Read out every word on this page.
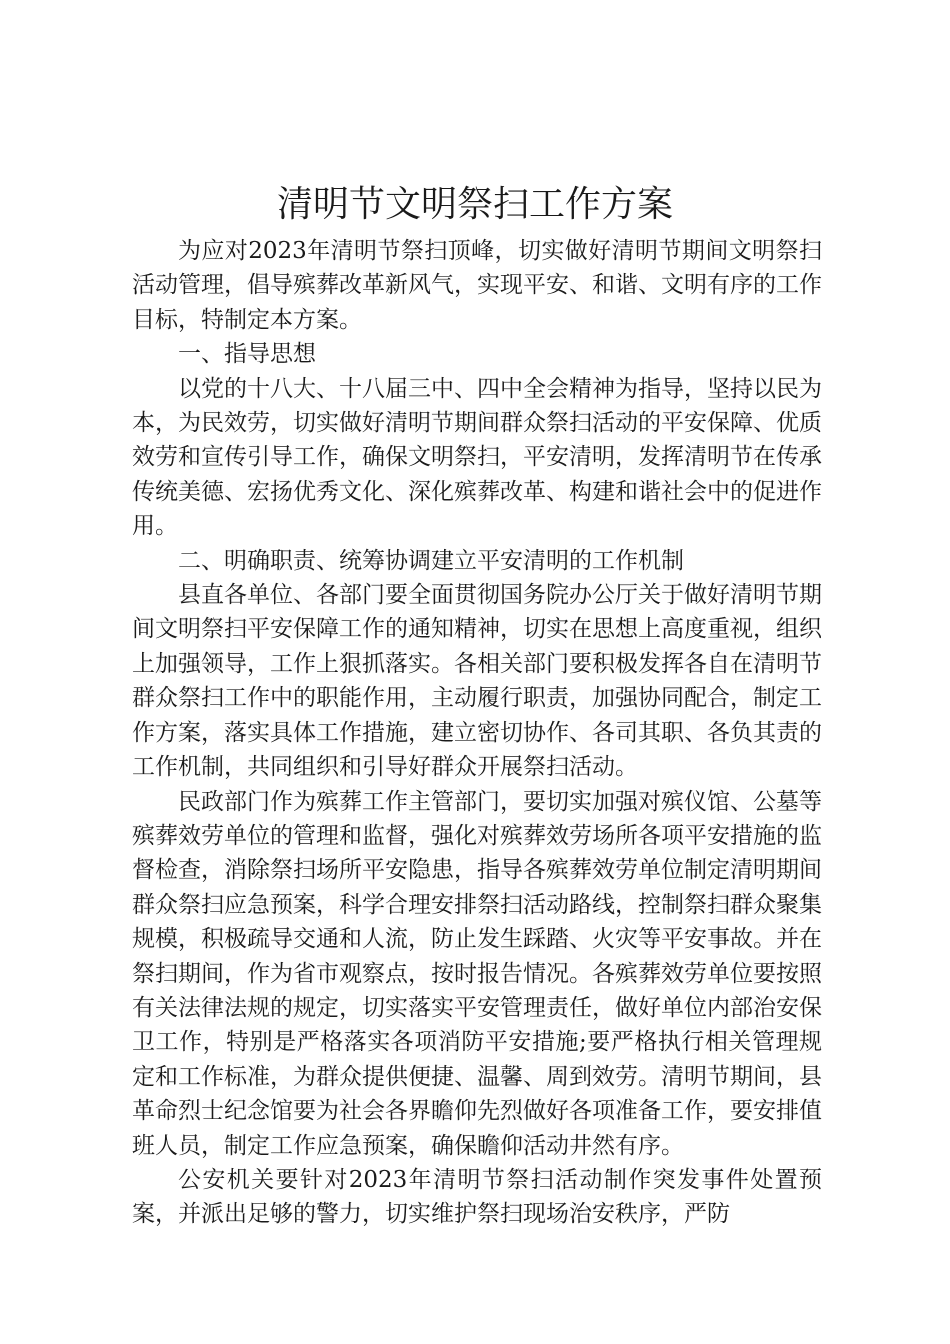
清明节文明祭扫工作方案

为应对2023年清明节祭扫顶峰，切实做好清明节期间文明祭扫活动管理，倡导殡葬改革新风气，实现平安、和谐、文明有序的工作目标，特制定本方案。

一、指导思想

以党的十八大、十八届三中、四中全会精神为指导，坚持以民为本，为民效劳，切实做好清明节期间群众祭扫活动的平安保障、优质效劳和宣传引导工作，确保文明祭扫，平安清明，发挥清明节在传承传统美德、宏扬优秀文化、深化殡葬改革、构建和谐社会中的促进作用。

二、明确职责、统筹协调建立平安清明的工作机制

县直各单位、各部门要全面贯彻国务院办公厅关于做好清明节期间文明祭扫平安保障工作的通知精神，切实在思想上高度重视，组织上加强领导，工作上狠抓落实。各相关部门要积极发挥各自在清明节群众祭扫工作中的职能作用，主动履行职责，加强协同配合，制定工作方案，落实具体工作措施，建立密切协作、各司其职、各负其责的工作机制，共同组织和引导好群众开展祭扫活动。

民政部门作为殡葬工作主管部门，要切实加强对殡仪馆、公墓等殡葬效劳单位的管理和监督，强化对殡葬效劳场所各项平安措施的监督检查，消除祭扫场所平安隐患，指导各殡葬效劳单位制定清明期间群众祭扫应急预案，科学合理安排祭扫活动路线，控制祭扫群众聚集规模，积极疏导交通和人流，防止发生踩踏、火灾等平安事故。并在祭扫期间，作为省市观察点，按时报告情况。各殡葬效劳单位要按照有关法律法规的规定，切实落实平安管理责任，做好单位内部治安保卫工作，特别是严格落实各项消防平安措施;要严格执行相关管理规定和工作标准，为群众提供便捷、温馨、周到效劳。清明节期间，县革命烈士纪念馆要为社会各界瞻仰先烈做好各项准备工作，要安排值班人员，制定工作应急预案，确保瞻仰活动井然有序。

公安机关要针对2023年清明节祭扫活动制作突发事件处置预案，并派出足够的警力，切实维护祭扫现场治安秩序，严防
